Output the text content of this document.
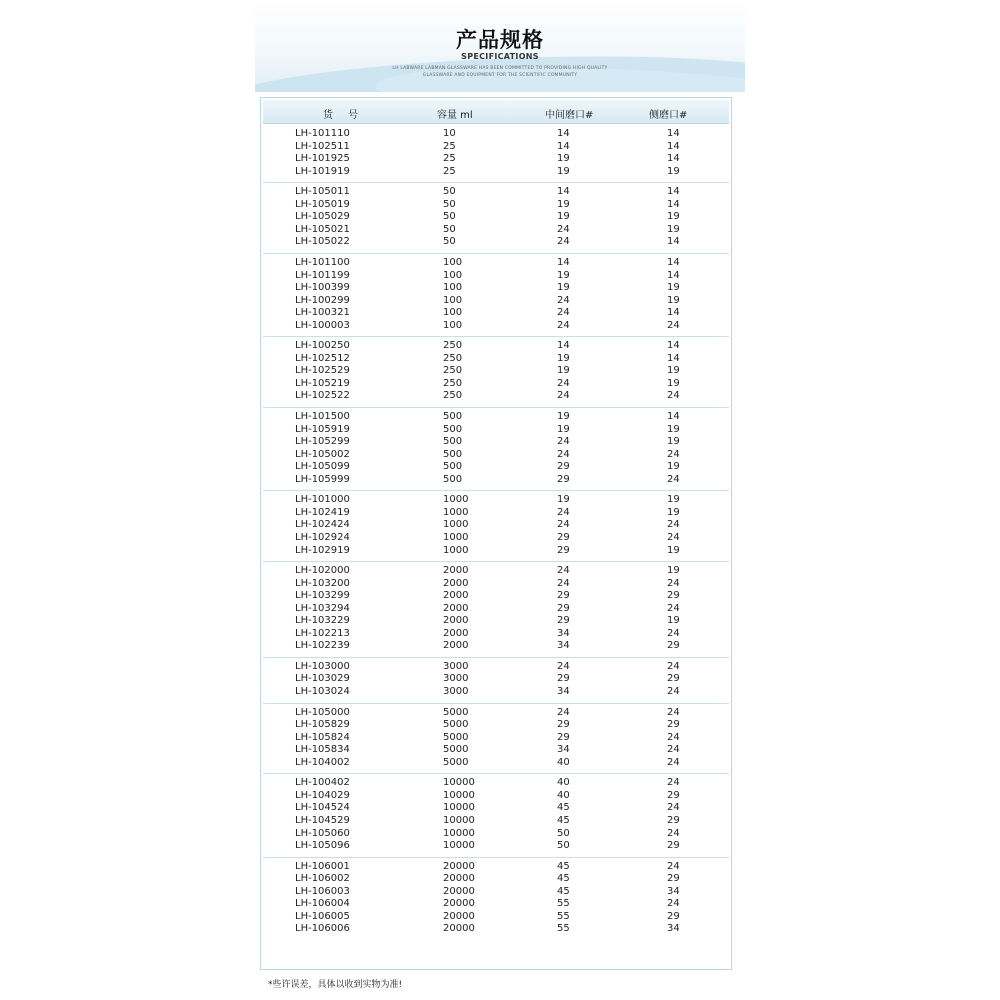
产品规格
SPECIFICATIONS
LH LABWARE LABMAN GLASSWARE HAS BEEN COMMITTED TO PROVIDING HIGH QUALITY
GLASSWARE AND EQUIPMENT FOR THE SCIENTIFIC COMMUNITY
货 号	容量 ml	中间磨口#	侧磨口#
LH-101110	10	14	14
LH-102511	25	14	14
LH-101925	25	19	14
LH-101919	25	19	19
LH-105011	50	14	14
LH-105019	50	19	14
LH-105029	50	19	19
LH-105021	50	24	19
LH-105022	50	24	14
LH-101100	100	14	14
LH-101199	100	19	14
LH-100399	100	19	19
LH-100299	100	24	19
LH-100321	100	24	14
LH-100003	100	24	24
LH-100250	250	14	14
LH-102512	250	19	14
LH-102529	250	19	19
LH-105219	250	24	19
LH-102522	250	24	24
LH-101500	500	19	14
LH-105919	500	19	19
LH-105299	500	24	19
LH-105002	500	24	24
LH-105099	500	29	19
LH-105999	500	29	24
LH-101000	1000	19	19
LH-102419	1000	24	19
LH-102424	1000	24	24
LH-102924	1000	29	24
LH-102919	1000	29	19
LH-102000	2000	24	19
LH-103200	2000	24	24
LH-103299	2000	29	29
LH-103294	2000	29	24
LH-103229	2000	29	19
LH-102213	2000	34	24
LH-102239	2000	34	29
LH-103000	3000	24	24
LH-103029	3000	29	29
LH-103024	3000	34	24
LH-105000	5000	24	24
LH-105829	5000	29	29
LH-105824	5000	29	24
LH-105834	5000	34	24
LH-104002	5000	40	24
LH-100402	10000	40	24
LH-104029	10000	40	29
LH-104524	10000	45	24
LH-104529	10000	45	29
LH-105060	10000	50	24
LH-105096	10000	50	29
LH-106001	20000	45	24
LH-106002	20000	45	29
LH-106003	20000	45	34
LH-106004	20000	55	24
LH-106005	20000	55	29
LH-106006	20000	55	34
*些许误差，具体以收到实物为准!
